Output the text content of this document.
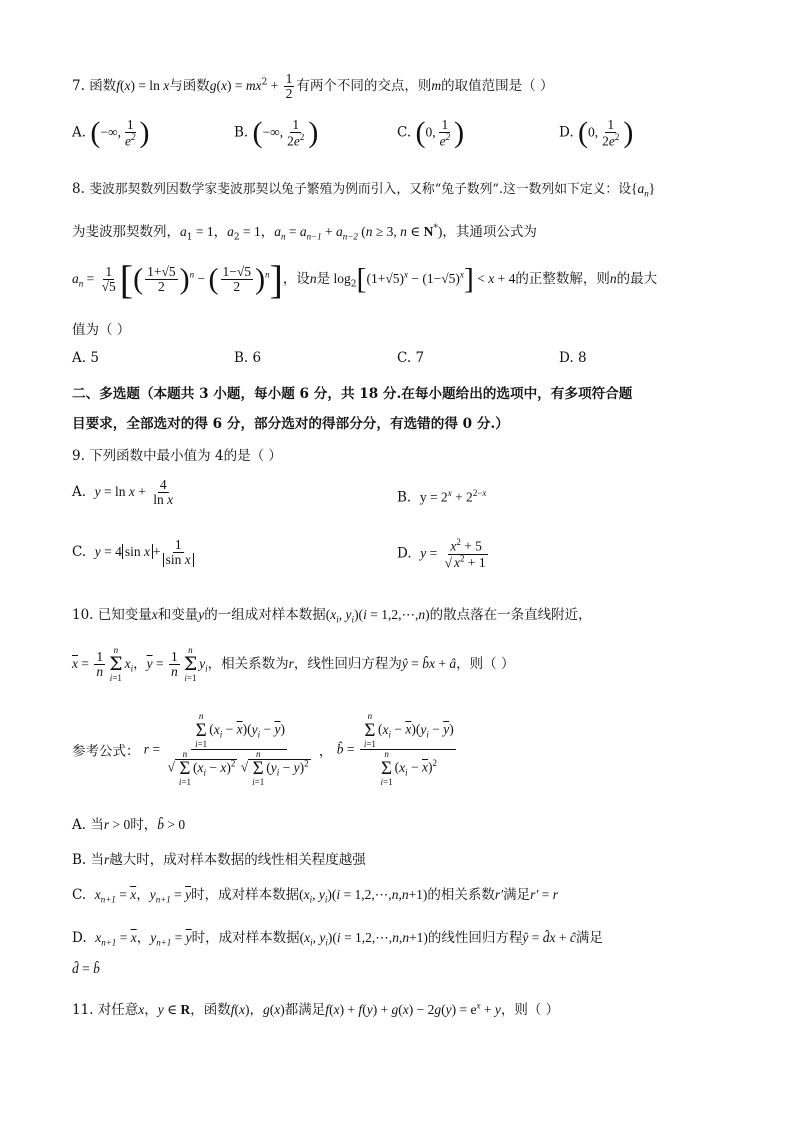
7. 函数f(x) = ln x与函数$g(x) = mx^2 + \frac{1}{2}$ 有两个不同的交点，则m的取值范围是（ ）
A. (−∞, $\frac{1}{e^2}$ )	B. (−∞, $\frac{1}{2e^2}$ )	C. (0, $\frac{1}{e^2}$ )	D. (0, $\frac{1}{2e^2}$ )
8. 斐波那契数列因数学家斐波那契以兔子繁殖为例而引入，又称“兔子数列”.这一数列如下定义：设$\{a_n\}$
为斐波那契数列，$a_1 = 1$，$a_2 = 1$，$a_n = a_{n-1} + a_{n-2}$ (n ≥ 3, n ∈ N*)，其通项公式为
$a_n = \frac{1}{√5}$ [( $\frac{1+√5}{2} )^n$ − ( $\frac{1-√5}{2} )^n$]，设n是 $\log_2[(1+√5)^x - (1-√5)^x] < x + 4$的正整数解，则n的最大
值为（ ）
A. 5	B. 6	C. 7	D. 8
二、多选题（本题共 3 小题，每小题 6 分，共 18 分.在每小题给出的选项中，有多项符合题
目要求，全部选对的得 6 分，部分选对的得部分分，有选错的得 0 分.）
9. 下列函数中最小值为 4的是（ ）
A. $y = \ln x + \frac{4}{\text{ln x}}$	B. $y = 2^x + 2^{2-x}$
C. y = 4 $\sin x + \frac{1}{\text{sin x}}$	D. $y = \frac{x^2 + 5}{√ x^2 + 1}$
10. 已知变量x和变量y的一组成对样本数据($x_i$, $y_i)(i$ = 1,2,⋯,n)的散点落在一条直线附近，
$\overline{x} = \frac{1}{n}$ n
Σ
i=1
$x_i$，$\overline{y} = \frac{1}{n}$ n
Σ
i=1
$y_i$，相关系数为r，线性回归方程为ŷ = b̂x + â，则（ ）
参考公式： r = n
Σ
i=1
$(x_i - \overline{x})(y_i - \overline{y})$
√
n
Σ
i=1
$(x_i - \overline{x})^2$ √
n
Σ
i=1
$(y_i - \overline{y})^2$ ， b̂ = n
Σ
i=1
$(x_i - \overline{x})(y_i - \overline{y})$
n
Σ
i=1
$(x_i - \overline{x})^2$
A. 当r > 0时，b̂ > 0
B. 当r越大时，成对样本数据的线性相关程度越强
C. $x_{n+1} = \overline{x}$，$y_{n+1} = \overline{y}$时，成对样本数据($x_i$, $y_i)(i$ = 1,2,⋯,n,n+1)的相关系数r′满足r′ = r
D. $x_{n+1} = \overline{x}$，$y_{n+1} = \overline{y}$时，成对样本数据($x_i$, $y_i)(i$ = 1,2,⋯,n,n+1)的线性回归方程ŷ = d̂x + ĉ满足
d̂ = b̂
11. 对任意x，y ∈ R，函数f(x)，g(x)都满足$f(x) + f(y) + g(x) - 2g(y) = e^x + y$，则（ ）
